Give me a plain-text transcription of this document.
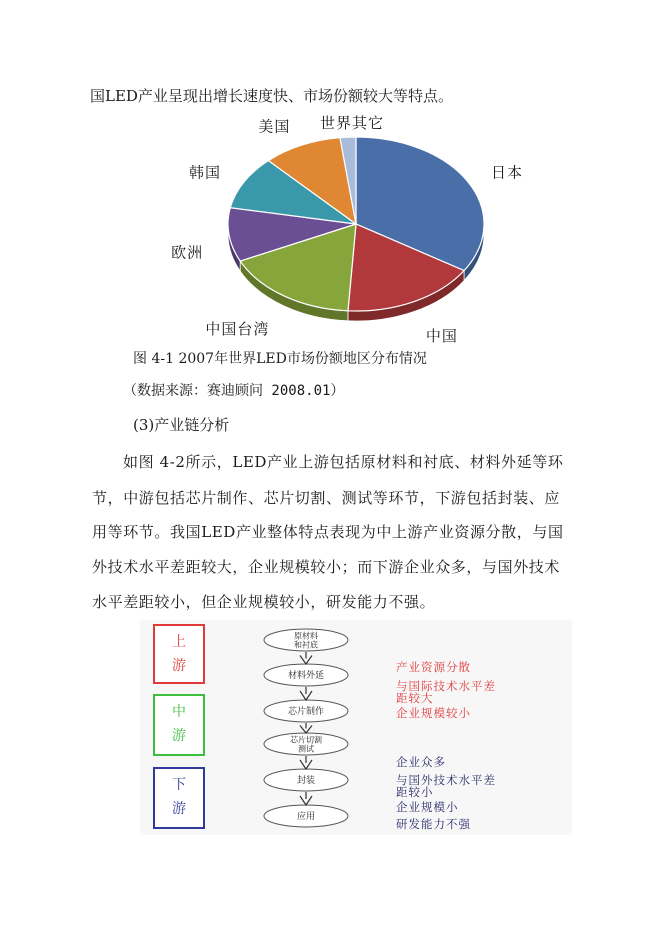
国LED产业呈现出增长速度快、市场份额较大等特点。
日本
中国
中国台湾
欧洲
韩国
美国 世界其它
图 4-1 2007年世界LED市场份额地区分布情况
（数据来源：赛迪顾问 2008.01）
(3)产业链分析
如图 4-2所示，LED产业上游包括原材料和衬底、材料外延等环
节，中游包括芯片制作、芯片切割、测试等环节，下游包括封装、应
用等环节。我国LED产业整体特点表现为中上游产业资源分散，与国
外技术水平差距较大，企业规模较小；而下游企业众多，与国外技术
水平差距较小，但企业规模较小，研发能力不强。
上
游
中
游
下
游
原材料
和衬底
材料外延
芯片制作
芯片切割
测试
封装
应用
产业资源分散
与国际技术水平差
距较大
企业规模较小
企业众多
与国外技术水平差
距较小
企业规模小
研发能力不强
